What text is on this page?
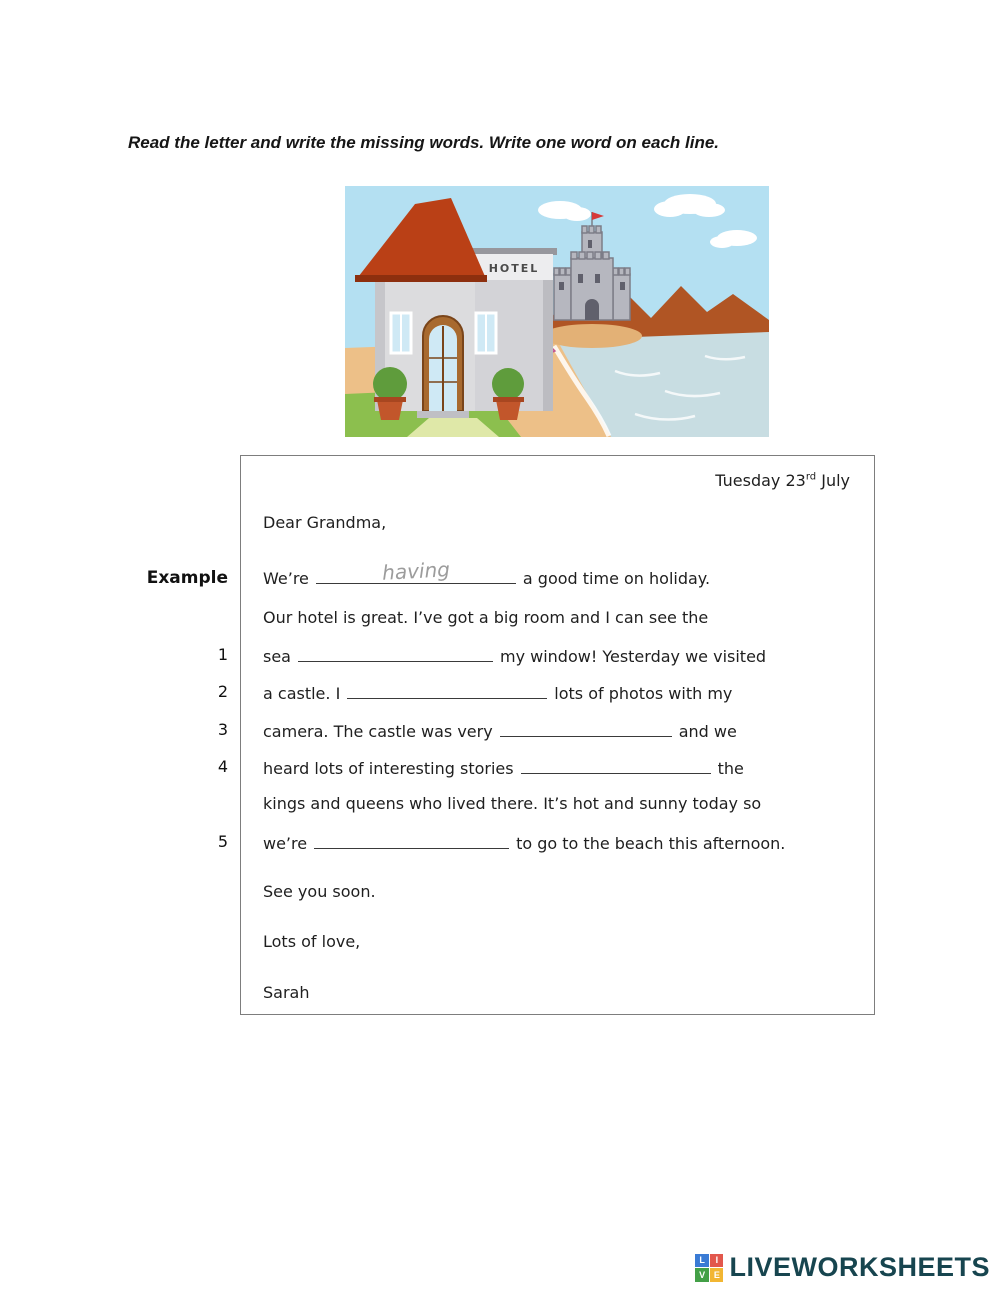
Read the letter and write the missing words. Write one word on each line.
HOTEL
Example
1
2
3
4
5
Tuesday 23rd July
Dear Grandma,
We’re	having	a good time on holiday.
Our hotel is great. I’ve got a big room and I can see the
sea	my window! Yesterday we visited
a castle. I	lots of photos with my
camera. The castle was very	and we
heard lots of interesting stories	the
kings and queens who lived there. It’s hot and sunny today so
we’re	to go to the beach this afternoon.
See you soon.
Lots of love,
Sarah
L	I
V E LIVEWORKSHEETS
